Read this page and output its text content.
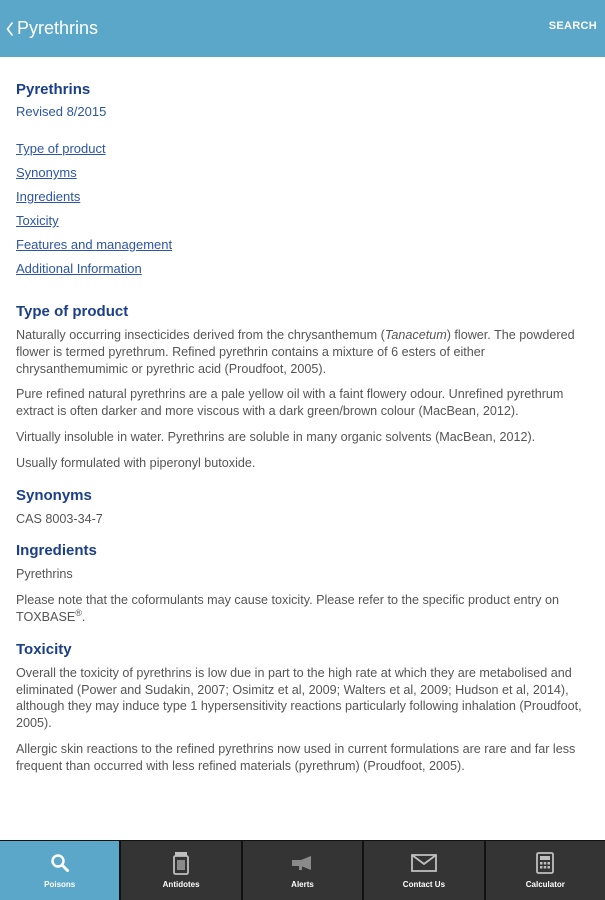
Pyrethrins	SEARCH
Pyrethrins
Revised 8/2015
Type of product
Synonyms
Ingredients
Toxicity
Features and management
Additional Information
Type of product

Naturally occurring insecticides derived from the chrysanthemum (Tanacetum) flower. The powdered flower is termed pyrethrum. Refined pyrethrin contains a mixture of 6 esters of either chrysanthemumimic or pyrethric acid (Proudfoot, 2005).

Pure refined natural pyrethrins are a pale yellow oil with a faint flowery odour. Unrefined pyrethrum extract is often darker and more viscous with a dark green/brown colour (MacBean, 2012).

Virtually insoluble in water. Pyrethrins are soluble in many organic solvents (MacBean, 2012).

Usually formulated with piperonyl butoxide.

Synonyms

CAS 8003-34-7

Ingredients

Pyrethrins

Please note that the coformulants may cause toxicity. Please refer to the specific product entry on TOXBASE®.

Toxicity

Overall the toxicity of pyrethrins is low due in part to the high rate at which they are metabolised and eliminated (Power and Sudakin, 2007; Osimitz et al, 2009; Walters et al, 2009; Hudson et al, 2014), although they may induce type 1 hypersensitivity reactions particularly following inhalation (Proudfoot, 2005).

Allergic skin reactions to the refined pyrethrins now used in current formulations are rare and far less frequent than occurred with less refined materials (pyrethrum) (Proudfoot, 2005).

Poisons	Antidotes	Alerts	Contact Us	Calculator
